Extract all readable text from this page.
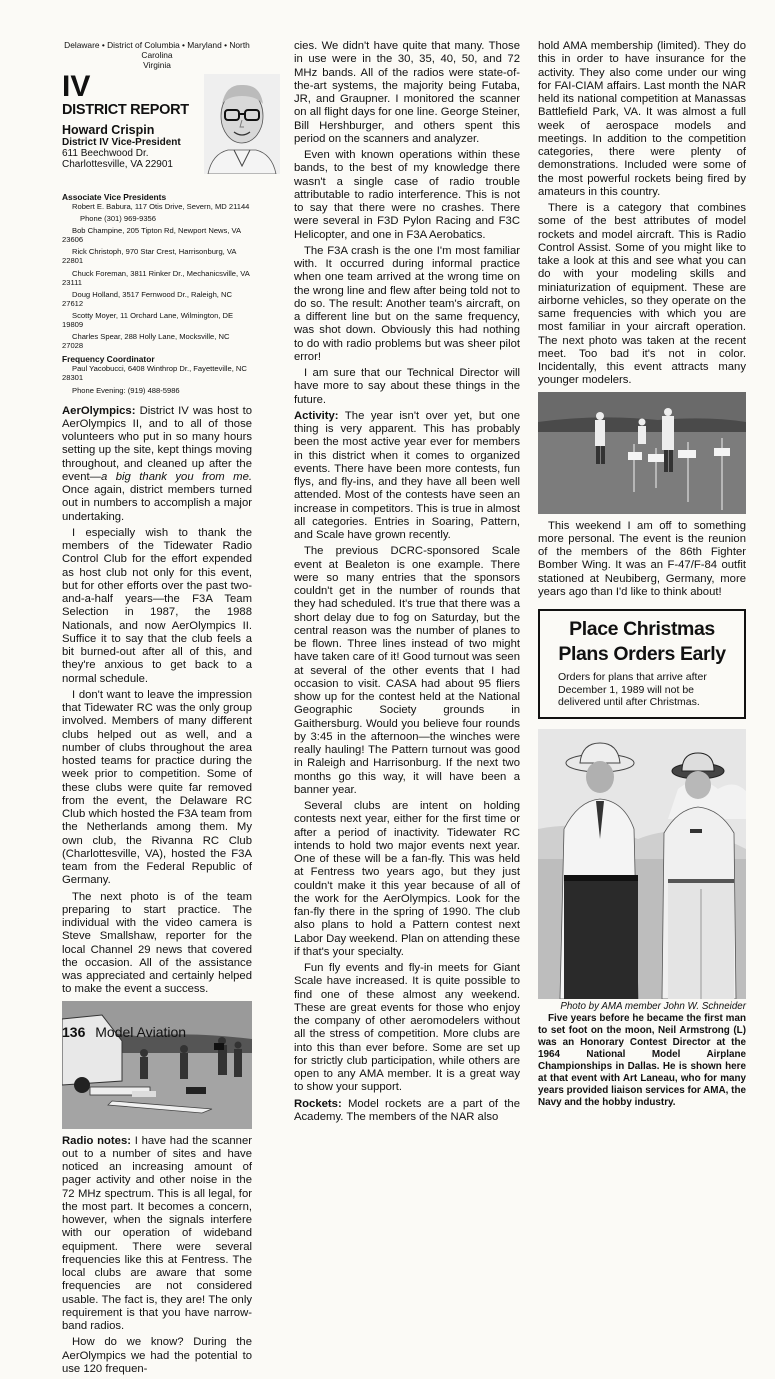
Delaware • District of Columbia • Maryland • North Carolina
Virginia
IV
DISTRICT REPORT
Howard Crispin
District IV Vice-President
611 Beechwood Dr.
Charlottesville, VA 22901
Associate Vice Presidents

Robert E. Babura, 117 Otis Drive, Severn, MD 21144

Phone (301) 969-9356

Bob Champine, 205 Tipton Rd, Newport News, VA 23606

Rick Christoph, 970 Star Crest, Harrisonburg, VA 22801

Chuck Foreman, 3811 Rinker Dr., Mechanicsville, VA 23111

Doug Holland, 3517 Fernwood Dr., Raleigh, NC 27612

Scotty Moyer, 11 Orchard Lane, Wilmington, DE 19809

Charles Spear, 288 Holly Lane, Mocksville, NC 27028

Frequency Coordinator

Paul Yacobucci, 6408 Winthrop Dr., Fayetteville, NC 28301

Phone Evening: (919) 488-5986

AerOlympics: District IV was host to AerOlympics II, and to all of those volunteers who put in so many hours setting up the site, kept things moving throughout, and cleaned up after the event—a big thank you from me. Once again, district members turned out in numbers to accomplish a major undertaking.

I especially wish to thank the members of the Tidewater Radio Control Club for the effort expended as host club not only for this event, but for other efforts over the past two-and-a-half years—the F3A Team Selection in 1987, the 1988 Nationals, and now AerOlympics II. Suffice it to say that the club feels a bit burned-out after all of this, and they're anxious to get back to a normal schedule.

I don't want to leave the impression that Tidewater RC was the only group involved. Members of many different clubs helped out as well, and a number of clubs throughout the area hosted teams for practice during the week prior to competition. Some of these clubs were quite far removed from the event, the Delaware RC Club which hosted the F3A team from the Netherlands among them. My own club, the Rivanna RC Club (Charlottesville, VA), hosted the F3A team from the Federal Republic of Germany.

The next photo is of the team preparing to start practice. The individual with the video camera is Steve Smallshaw, reporter for the local Channel 29 news that covered the occasion. All of the assistance was appreciated and certainly helped to make the event a success.

Radio notes: I have had the scanner out to a number of sites and have noticed an increasing amount of pager activity and other noise in the 72 MHz spectrum. This is all legal, for the most part. It becomes a concern, however, when the signals interfere with our operation of wideband equipment. There were several frequencies like this at Fentress. The local clubs are aware that some frequencies are not considered usable. The fact is, they are! The only requirement is that you have narrow-band radios.

How do we know? During the AerOlympics we had the potential to use 120 frequen-

cies. We didn't have quite that many. Those in use were in the 30, 35, 40, 50, and 72 MHz bands. All of the radios were state-of-the-art systems, the majority being Futaba, JR, and Graupner. I monitored the scanner on all flight days for one line. George Steiner, Bill Hershburger, and others spent this period on the scanners and analyzer.

Even with known operations within these bands, to the best of my knowledge there wasn't a single case of radio trouble attributable to radio interference. This is not to say that there were no crashes. There were several in F3D Pylon Racing and F3C Helicopter, and one in F3A Aerobatics.

The F3A crash is the one I'm most familiar with. It occurred during informal practice when one team arrived at the wrong time on the wrong line and flew after being told not to do so. The result: Another team's aircraft, on a different line but on the same frequency, was shot down. Obviously this had nothing to do with radio problems but was sheer pilot error!

I am sure that our Technical Director will have more to say about these things in the future.

Activity: The year isn't over yet, but one thing is very apparent. This has probably been the most active year ever for members in this district when it comes to organized events. There have been more contests, fun flys, and fly-ins, and they have all been well attended. Most of the contests have seen an increase in competitors. This is true in almost all categories. Entries in Soaring, Pattern, and Scale have grown recently.

The previous DCRC-sponsored Scale event at Bealeton is one example. There were so many entries that the sponsors couldn't get in the number of rounds that they had scheduled. It's true that there was a short delay due to fog on Saturday, but the central reason was the number of planes to be flown. Three lines instead of two might have taken care of it! Good turnout was seen at several of the other events that I had occasion to visit. CASA had about 95 fliers show up for the contest held at the National Geographic Society grounds in Gaithersburg. Would you believe four rounds by 3:45 in the afternoon—the winches were really hauling! The Pattern turnout was good in Raleigh and Harrisonburg. If the next two months go this way, it will have been a banner year.

Several clubs are intent on holding contests next year, either for the first time or after a period of inactivity. Tidewater RC intends to hold two major events next year. One of these will be a fan-fly. This was held at Fentress two years ago, but they just couldn't make it this year because of all of the work for the AerOlympics. Look for the fan-fly there in the spring of 1990. The club also plans to hold a Pattern contest next Labor Day weekend. Plan on attending these if that's your specialty.

Fun fly events and fly-in meets for Giant Scale have increased. It is quite possible to find one of these almost any weekend. These are great events for those who enjoy the company of other aeromodelers without all the stress of competition. More clubs are into this than ever before. Some are set up for strictly club participation, while others are open to any AMA member. It is a great way to show your support.

Rockets: Model rockets are a part of the Academy. The members of the NAR also

hold AMA membership (limited). They do this in order to have insurance for the activity. They also come under our wing for FAI-CIAM affairs. Last month the NAR held its national competition at Manassas Battlefield Park, VA. It was almost a full week of aerospace models and meetings. In addition to the competition categories, there were plenty of demonstrations. Included were some of the most powerful rockets being fired by amateurs in this country.

There is a category that combines some of the best attributes of model rockets and model aircraft. This is Radio Control Assist. Some of you might like to take a look at this and see what you can do with your modeling skills and miniaturization of equipment. These are airborne vehicles, so they operate on the same frequencies with which you are most familiar in your aircraft operation. The next photo was taken at the recent meet. Too bad it's not in color. Incidentally, this event attracts many younger modelers.

This weekend I am off to something more personal. The event is the reunion of the members of the 86th Fighter Bomber Wing. It was an F-47/F-84 outfit stationed at Neubiberg, Germany, more years ago than I'd like to think about!

Place Christmas
Plans Orders Early
Orders for plans that arrive after December 1, 1989 will not be delivered until after Christmas.
Photo by AMA member John W. Schneider

Five years before he became the first man to set foot on the moon, Neil Armstrong (L) was an Honorary Contest Director at the 1964 National Model Airplane Championships in Dallas. He is shown here at that event with Art Laneau, who for many years provided liaison services for AMA, the Navy and the hobby industry.

136 Model Aviation
